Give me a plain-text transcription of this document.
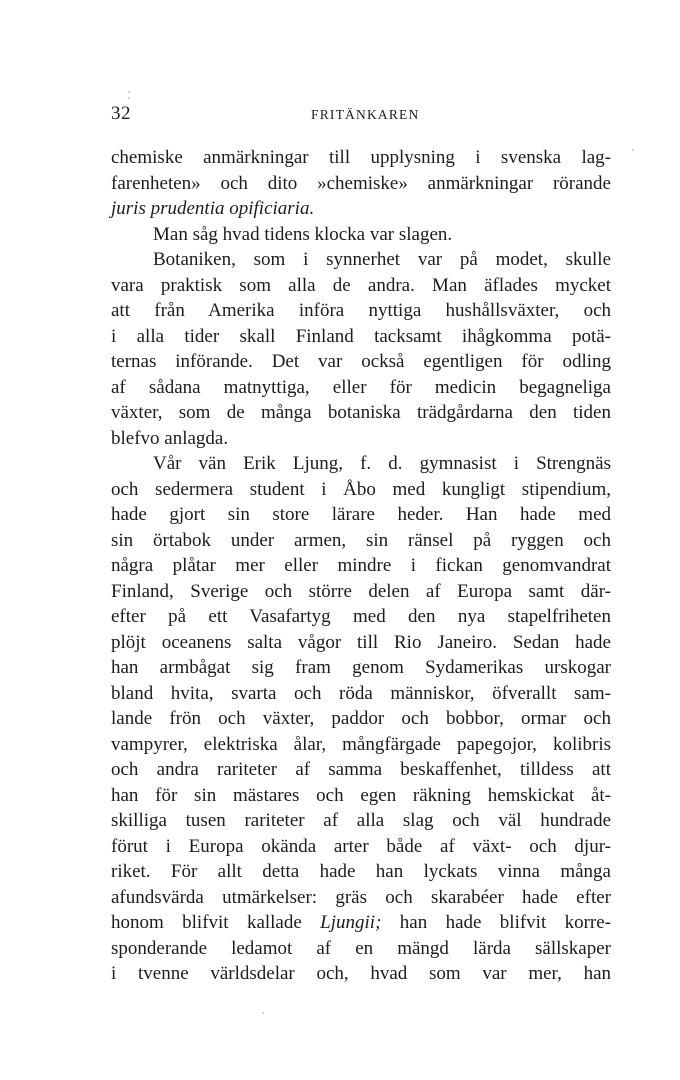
32	FRITÄNKAREN
chemiske anmärkningar till upplysning i svenska lag-
farenheten» och dito »chemiske» anmärkningar rörande
juris prudentia opificiaria.
Man såg hvad tidens klocka var slagen.
Botaniken, som i synnerhet var på modet, skulle
vara praktisk som alla de andra. Man äflades mycket
att från Amerika införa nyttiga hushållsväxter, och
i alla tider skall Finland tacksamt ihågkomma potä-
ternas införande. Det var också egentligen för odling
af sådana matnyttiga, eller för medicin begagneliga
växter, som de många botaniska trädgårdarna den tiden
blefvo anlagda.
Vår vän Erik Ljung, f. d. gymnasist i Strengnäs
och sedermera student i Åbo med kungligt stipendium,
hade gjort sin store lärare heder. Han hade med
sin örtabok under armen, sin ränsel på ryggen och
några plåtar mer eller mindre i fickan genomvandrat
Finland, Sverige och större delen af Europa samt där-
efter på ett Vasafartyg med den nya stapelfriheten
plöjt oceanens salta vågor till Rio Janeiro. Sedan hade
han armbågat sig fram genom Sydamerikas urskogar
bland hvita, svarta och röda människor, öfverallt sam-
lande frön och växter, paddor och bobbor, ormar och
vampyrer, elektriska ålar, mångfärgade papegojor, kolibris
och andra rariteter af samma beskaffenhet, tilldess att
han för sin mästares och egen räkning hemskickat åt-
skilliga tusen rariteter af alla slag och väl hundrade
förut i Europa okända arter både af växt- och djur-
riket. För allt detta hade han lyckats vinna många
afundsvärda utmärkelser: gräs och skarabéer hade efter
honom blifvit kallade Ljungii; han hade blifvit korre-
sponderande ledamot af en mängd lärda sällskaper
i tvenne världsdelar och, hvad som var mer, han
